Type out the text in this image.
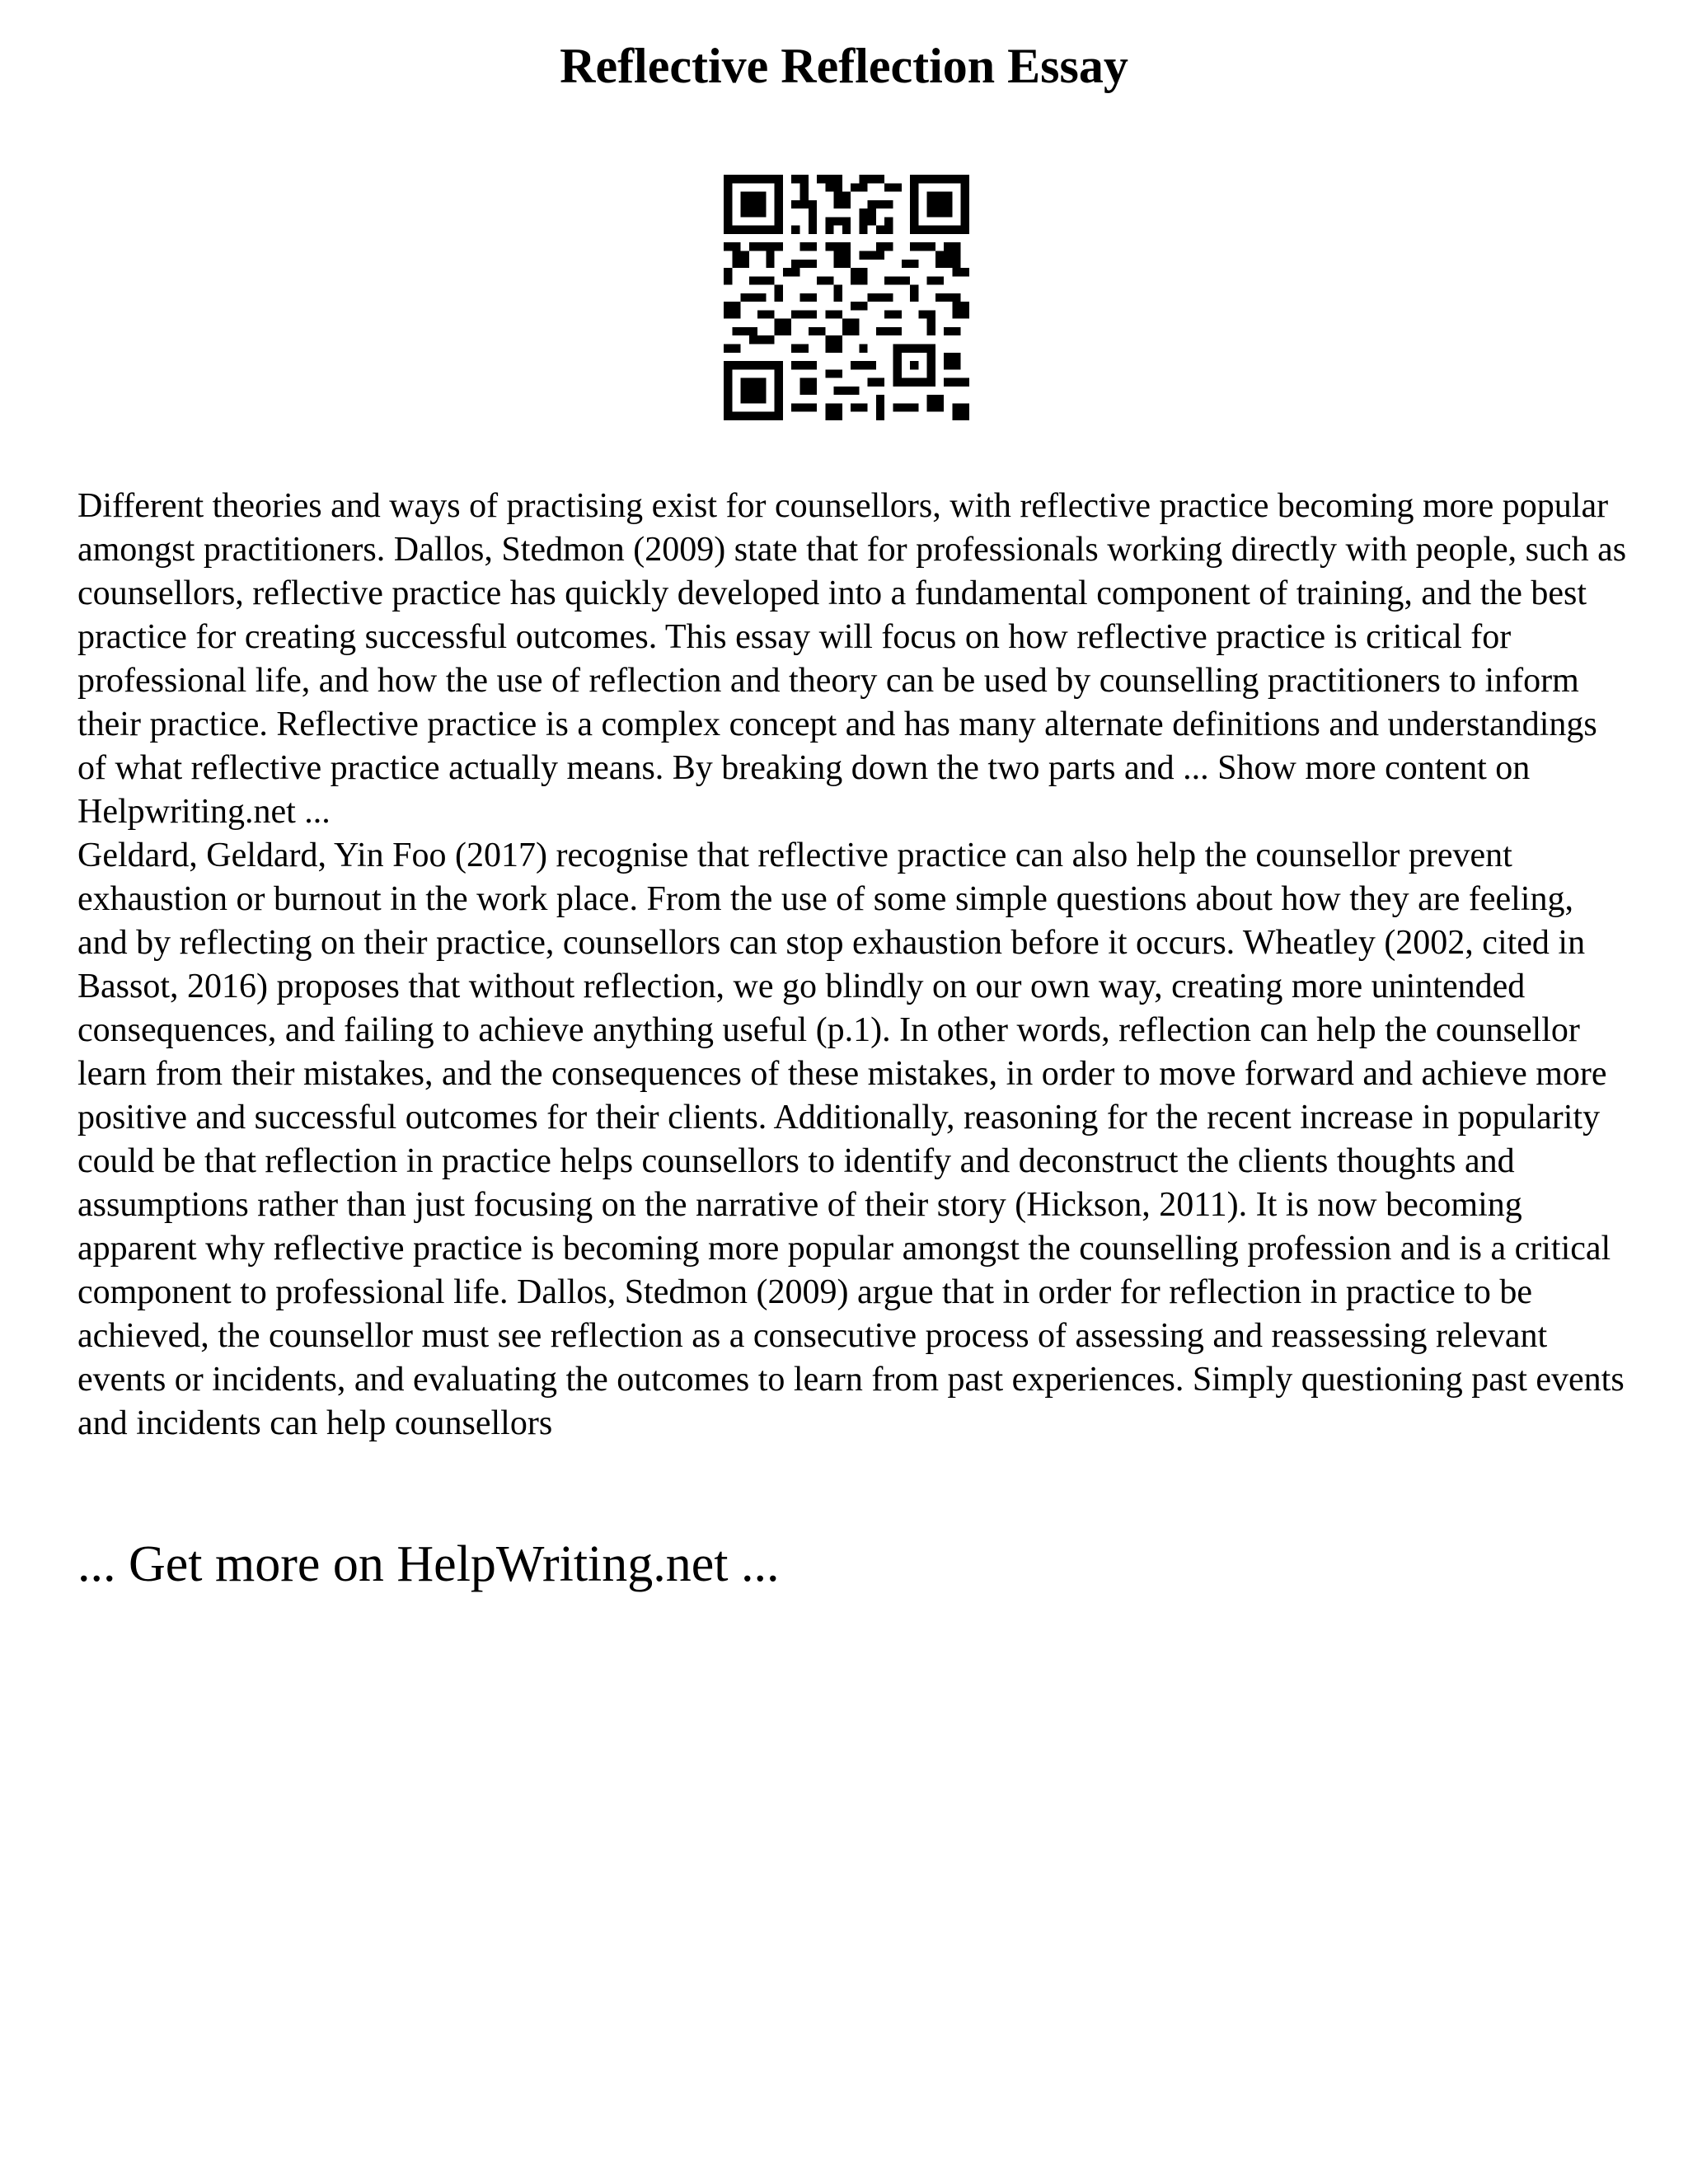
Reflective Reflection Essay

Different theories and ways of practising exist for counsellors, with reflective practice becoming more popular amongst practitioners. Dallos, Stedmon (2009) state that for professionals working directly with people, such as counsellors, reflective practice has quickly developed into a fundamental component of training, and the best practice for creating successful outcomes. This essay will focus on how reflective practice is critical for professional life, and how the use of reflection and theory can be used by counselling practitioners to inform their practice. Reflective practice is a complex concept and has many alternate definitions and understandings of what reflective practice actually means. By breaking down the two parts and ... Show more content on Helpwriting.net ...

Geldard, Geldard, Yin Foo (2017) recognise that reflective practice can also help the counsellor prevent exhaustion or burnout in the work place. From the use of some simple questions about how they are feeling, and by reflecting on their practice, counsellors can stop exhaustion before it occurs. Wheatley (2002, cited in Bassot, 2016) proposes that without reflection, we go blindly on our own way, creating more unintended consequences, and failing to achieve anything useful (p.1). In other words, reflection can help the counsellor learn from their mistakes, and the consequences of these mistakes, in order to move forward and achieve more positive and successful outcomes for their clients. Additionally, reasoning for the recent increase in popularity could be that reflection in practice helps counsellors to identify and deconstruct the clients thoughts and assumptions rather than just focusing on the narrative of their story (Hickson, 2011). It is now becoming apparent why reflective practice is becoming more popular amongst the counselling profession and is a critical component to professional life. Dallos, Stedmon (2009) argue that in order for reflection in practice to be achieved, the counsellor must see reflection as a consecutive process of assessing and reassessing relevant events or incidents, and evaluating the outcomes to learn from past experiences. Simply questioning past events and incidents can help counsellors

... Get more on HelpWriting.net ...
